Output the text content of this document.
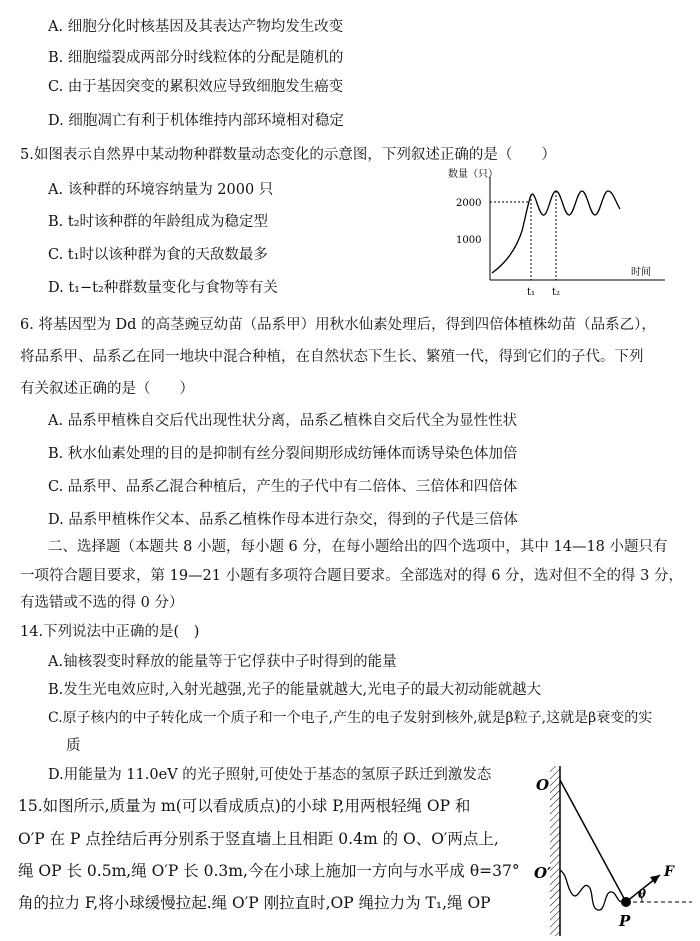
A. 细胞分化时核基因及其表达产物均发生改变
B. 细胞缢裂成两部分时线粒体的分配是随机的
C. 由于基因突变的累积效应导致细胞发生癌变
D. 细胞凋亡有利于机体维持内部环境相对稳定
5.如图表示自然界中某动物种群数量动态变化的示意图，下列叙述正确的是（　　）
A. 该种群的环境容纳量为 2000 只
B. t₂时该种群的年龄组成为稳定型
C. t₁时以该种群为食的天敌数最多
D. t₁−t₂种群数量变化与食物等有关
数量（只）
时间
2000
1000
t₁ t₂
6. 将基因型为 Dd 的高茎豌豆幼苗（品系甲）用秋水仙素处理后，得到四倍体植株幼苗（品系乙），
将品系甲、品系乙在同一地块中混合种植，在自然状态下生长、繁殖一代，得到它们的子代。下列
有关叙述正确的是（　　）
A. 品系甲植株自交后代出现性状分离，品系乙植株自交后代全为显性性状
B. 秋水仙素处理的目的是抑制有丝分裂间期形成纺锤体而诱导染色体加倍
C. 品系甲、品系乙混合种植后，产生的子代中有二倍体、三倍体和四倍体
D. 品系甲植株作父本、品系乙植株作母本进行杂交，得到的子代是三倍体
二、选择题（本题共 8 小题，每小题 6 分，在每小题给出的四个选项中，其中 14—18 小题只有
一项符合题目要求，第 19—21 小题有多项符合题目要求。全部选对的得 6 分，选对但不全的得 3 分，
有选错或不选的得 0 分）
14.下列说法中正确的是(　)
A.铀核裂变时释放的能量等于它俘获中子时得到的能量
B.发生光电效应时,入射光越强,光子的能量就越大,光电子的最大初动能就越大
C.原子核内的中子转化成一个质子和一个电子,产生的电子发射到核外,就是β粒子,这就是β衰变的实
质
D.用能量为 11.0eV 的光子照射,可使处于基态的氢原子跃迁到激发态
15.如图所示,质量为 m(可以看成质点)的小球 P,用两根轻绳 OP 和
O′P 在 P 点拴结后再分别系于竖直墙上且相距 0.4m 的 O、O′两点上,
绳 OP 长 0.5m,绳 O′P 长 0.3m,今在小球上施加一方向与水平成 θ=37°
角的拉力 F,将小球缓慢拉起.绳 O′P 刚拉直时,OP 绳拉力为 T₁,绳 OP
O
O′
P
F
θ
